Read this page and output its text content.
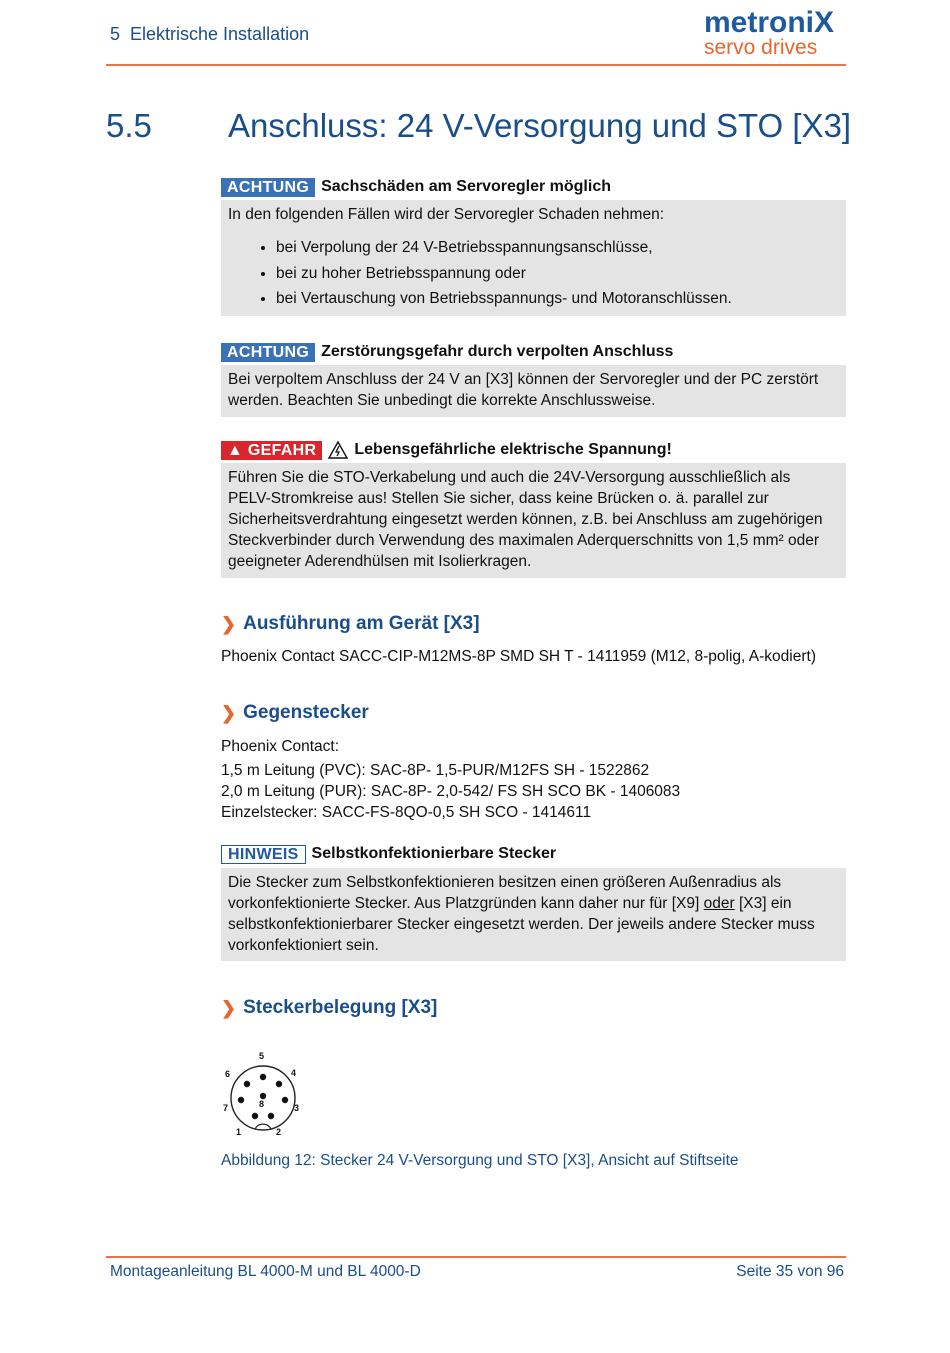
5 Elektrische Installation	metroniX
servo drives
5.5 Anschluss: 24 V-Versorgung und STO [X3]
ACHTUNG Sachschäden am Servoregler möglich
In den folgenden Fällen wird der Servoregler Schaden nehmen:
• bei Verpolung der 24 V-Betriebsspannungsanschlüsse,
• bei zu hoher Betriebsspannung oder
• bei Vertauschung von Betriebsspannungs- und Motoranschlüssen.
ACHTUNG Zerstörungsgefahr durch verpolten Anschluss
Bei verpoltem Anschluss der 24 V an [X3] können der Servoregler und der PC zerstört
werden. Beachten Sie unbedingt die korrekte Anschlussweise.
▲ GEFAHR	Lebensgefährliche elektrische Spannung!
Führen Sie die STO-Verkabelung und auch die 24V-Versorgung ausschließlich als
PELV-Stromkreise aus! Stellen Sie sicher, dass keine Brücken o. ä. parallel zur
Sicherheitsverdrahtung eingesetzt werden können, z.B. bei Anschluss am zugehörigen
Steckverbinder durch Verwendung des maximalen Aderquerschnitts von 1,5 mm² oder
geeigneter Aderendhülsen mit Isolierkragen.
❯ Ausführung am Gerät [X3]
Phoenix Contact SACC-CIP-M12MS-8P SMD SH T - 1411959 (M12, 8-polig, A-kodiert)
❯ Gegenstecker
Phoenix Contact:
1,5 m Leitung (PVC): SAC-8P- 1,5-PUR/M12FS SH - 1522862
2,0 m Leitung (PUR): SAC-8P- 2,0-542/ FS SH SCO BK - 1406083
Einzelstecker: SACC-FS-8QO-0,5 SH SCO - 1414611
HINWEIS Selbstkonfektionierbare Stecker
Die Stecker zum Selbstkonfektionieren besitzen einen größeren Außenradius als
vorkonfektionierte Stecker. Aus Platzgründen kann daher nur für [X9] oder [X3] ein
selbstkonfektionierbarer Stecker eingesetzt werden. Der jeweils andere Stecker muss
vorkonfektioniert sein.
❯ Steckerbelegung [X3]
5
4
6
3
7	8
1	2
Abbildung 12: Stecker 24 V-Versorgung und STO [X3], Ansicht auf Stiftseite
Montageanleitung BL 4000-M und BL 4000-D	Seite 35 von 96
